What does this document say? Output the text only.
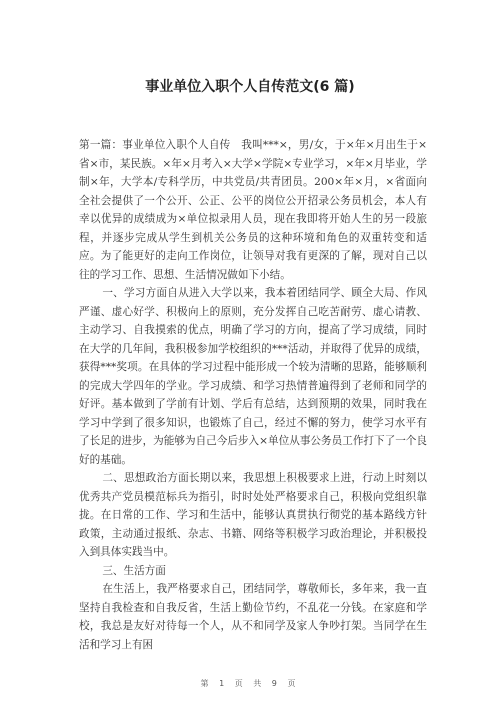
事业单位入职个人自传范文(6 篇)

第一篇：事业单位入职个人自传　我叫***×，男/女，于×年×月出生于×省×市，某民族。×年×月考入×大学×学院×专业学习，×年×月毕业，学制×年，大学本/专科学历，中共党员/共青团员。200×年×月，×省面向全社会提供了一个公开、公正、公平的岗位公开招录公务员机会，本人有幸以优异的成绩成为×单位拟录用人员，现在我即将开始人生的另一段旅程，并逐步完成从学生到机关公务员的这种环境和角色的双重转变和适应。为了能更好的走向工作岗位，让领导对我有更深的了解，现对自己以往的学习工作、思想、生活情况做如下小结。

一、学习方面自从进入大学以来，我本着团结同学、顾全大局、作风严谨、虚心好学、积极向上的原则，充分发挥自己吃苦耐劳、虚心请教、主动学习、自我摸索的优点，明确了学习的方向，提高了学习成绩，同时在大学的几年间，我积极参加学校组织的***活动，并取得了优异的成绩，获得***奖项。在具体的学习过程中能形成一个较为清晰的思路，能够顺利的完成大学四年的学业。学习成绩、和学习热情普遍得到了老师和同学的好评。基本做到了学前有计划、学后有总结，达到预期的效果，同时我在学习中学到了很多知识，也锻炼了自己，经过不懈的努力，使学习水平有了长足的进步，为能够为自己今后步入×单位从事公务员工作打下了一个良好的基础。

二、思想政治方面长期以来，我思想上积极要求上进，行动上时刻以优秀共产党员模范标兵为指引，时时处处严格要求自己，积极向党组织靠拢。在日常的工作、学习和生活中，能够认真贯执行彻党的基本路线方针政策，主动通过报纸、杂志、书籍、网络等积极学习政治理论，并积极投入到具体实践当中。

三、生活方面

在生活上，我严格要求自己，团结同学，尊敬师长，多年来，我一直坚持自我检查和自我反省，生活上勤俭节约，不乱花一分钱。在家庭和学校，我总是友好对待每一个人，从不和同学及家人争吵打架。当同学在生活和学习上有困

第 1 页 共 9 页
